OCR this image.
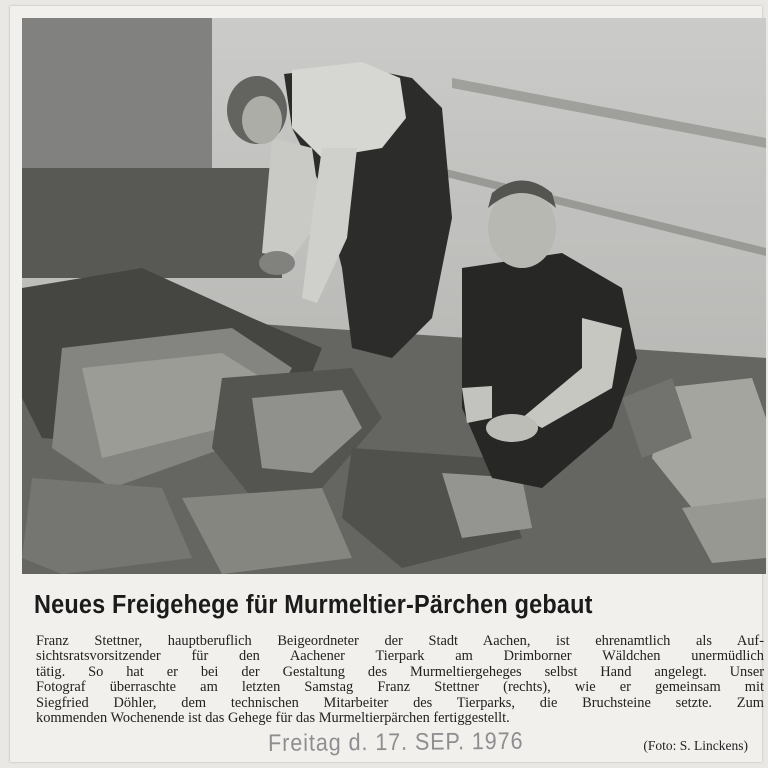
Neues Freigehege für Murmeltier-Pärchen gebaut
Franz Stettner, hauptberuflich Beigeordneter der Stadt Aachen, ist ehrenamtlich als Auf-
sichtsratsvorsitzender für den Aachener Tierpark am Drimborner Wäldchen unermüdlich
tätig. So hat er bei der Gestaltung des Murmeltiergeheges selbst Hand angelegt. Unser
Fotograf überraschte am letzten Samstag Franz Stettner (rechts), wie er gemeinsam mit
Siegfried Döhler, dem technischen Mitarbeiter des Tierparks, die Bruchsteine setzte. Zum
kommenden Wochenende ist das Gehege für das Murmeltierpärchen fertiggestellt.
Freitag d. 17. SEP. 1976	(Foto: S. Linckens)
